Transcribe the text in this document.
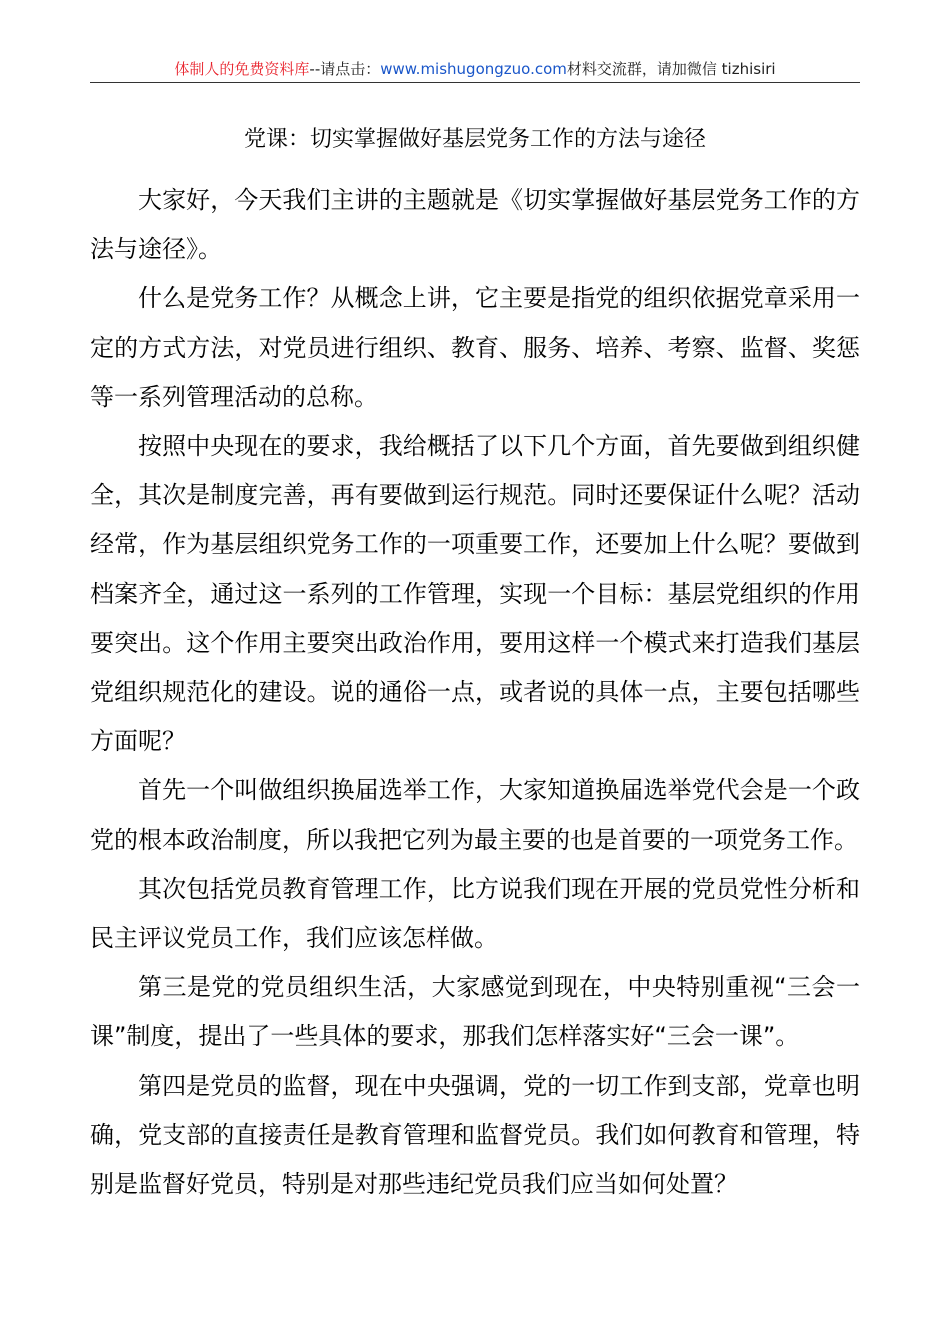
体制人的免费资料库--请点击：www.mishugongzuo.com材料交流群，请加微信 tizhisiri
党课：切实掌握做好基层党务工作的方法与途径

大家好，今天我们主讲的主题就是《切实掌握做好基层党务工作的方法与途径》。

什么是党务工作？从概念上讲，它主要是指党的组织依据党章采用一定的方式方法，对党员进行组织、教育、服务、培养、考察、监督、奖惩等一系列管理活动的总称。

按照中央现在的要求，我给概括了以下几个方面，首先要做到组织健全，其次是制度完善，再有要做到运行规范。同时还要保证什么呢？活动经常，作为基层组织党务工作的一项重要工作，还要加上什么呢？要做到档案齐全，通过这一系列的工作管理，实现一个目标：基层党组织的作用要突出。这个作用主要突出政治作用，要用这样一个模式来打造我们基层党组织规范化的建设。说的通俗一点，或者说的具体一点，主要包括哪些方面呢？

首先一个叫做组织换届选举工作，大家知道换届选举党代会是一个政党的根本政治制度，所以我把它列为最主要的也是首要的一项党务工作。

其次包括党员教育管理工作，比方说我们现在开展的党员党性分析和民主评议党员工作，我们应该怎样做。

第三是党的党员组织生活，大家感觉到现在，中央特别重视“三会一课”制度，提出了一些具体的要求，那我们怎样落实好“三会一课”。

第四是党员的监督，现在中央强调，党的一切工作到支部，党章也明确，党支部的直接责任是教育管理和监督党员。我们如何教育和管理，特别是监督好党员，特别是对那些违纪党员我们应当如何处置？
